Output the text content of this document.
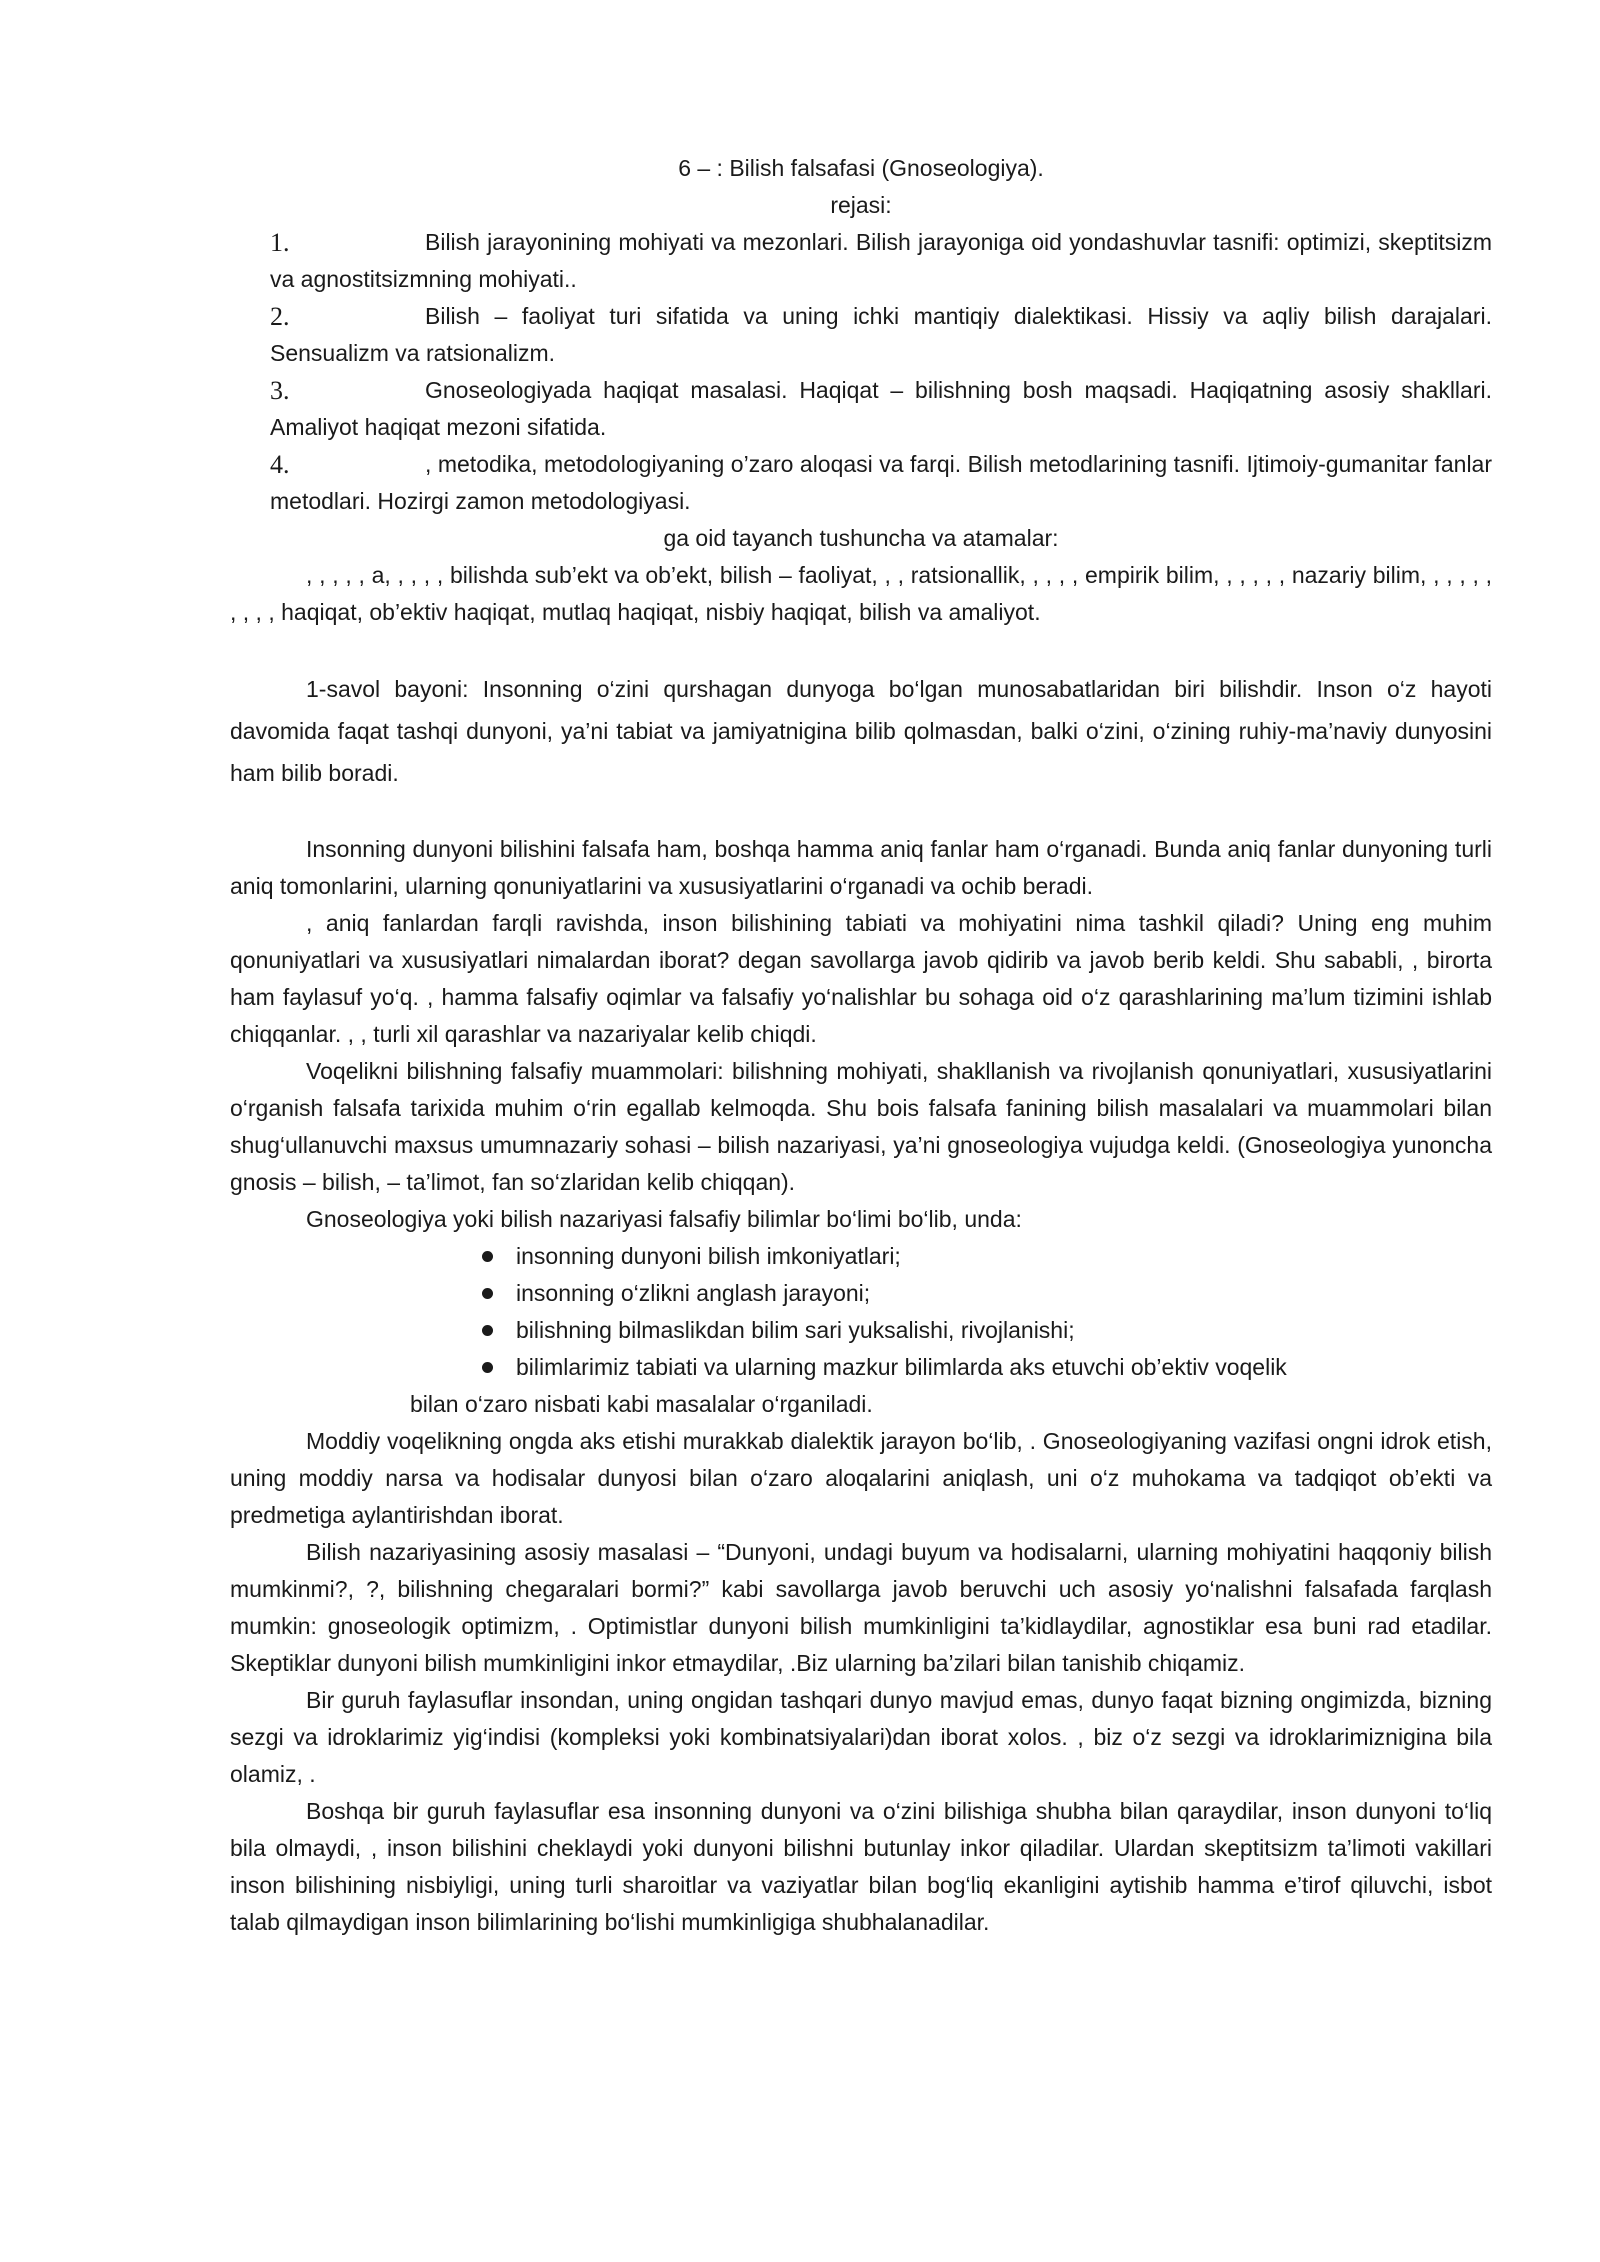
6 – : Bilish falsafasi (Gnoseologiya).
rejasi:
1.	Bilish jarayonining mohiyati va mezonlari. Bilish jarayoniga oid yondashuvlar tasnifi: optimizi, skeptitsizm va agnostitsizmning mohiyati..
2.	Bilish – faoliyat turi sifatida va uning ichki mantiqiy dialektikasi. Hissiy va aqliy bilish darajalari. Sensualizm va ratsionalizm.
3.	Gnoseologiyada haqiqat masalasi. Haqiqat – bilishning bosh maqsadi. Haqiqatning asosiy shakllari. Amaliyot haqiqat mezoni sifatida.
4.	, metodika, metodologiyaning o’zaro aloqasi va farqi. Bilish metodlarining tasnifi. Ijtimoiy-gumanitar fanlar metodlari. Hozirgi zamon metodologiyasi.
ga oid tayanch tushuncha va atamalar:

, , , , , a, , , , , bilishda sub’ekt va ob’ekt, bilish – faoliyat, , , ratsionallik, , , , , empirik bilim, , , , , , nazariy bilim, , , , , , , , , , haqiqat, ob’ektiv haqiqat, mutlaq haqiqat, nisbiy haqiqat, bilish va amaliyot.

1-savol bayoni: Insonning o‘zini qurshagan dunyoga bo‘lgan munosabatlaridan biri bilishdir. Inson o‘z hayoti davomida faqat tashqi dunyoni, ya’ni tabiat va jamiyatnigina bilib qolmasdan, balki o‘zini, o‘zining ruhiy-ma’naviy dunyosini ham bilib boradi.

Insonning dunyoni bilishini falsafa ham, boshqa hamma aniq fanlar ham o‘rganadi. Bunda aniq fanlar dunyoning turli aniq tomonlarini, ularning qonuniyatlarini va xususiyatlarini o‘rganadi va ochib beradi.

, aniq fanlardan farqli ravishda, inson bilishining tabiati va mohiyatini nima tashkil qiladi? Uning eng muhim qonuniyatlari va xususiyatlari nimalardan iborat? degan savollarga javob qidirib va javob berib keldi. Shu sababli, , birorta ham faylasuf yo‘q. , hamma falsafiy oqimlar va falsafiy yo‘nalishlar bu sohaga oid o‘z qarashlarining ma’lum tizimini ishlab chiqqanlar. , , turli xil qarashlar va nazariyalar kelib chiqdi.

Voqelikni bilishning falsafiy muammolari: bilishning mohiyati, shakllanish va rivojlanish qonuniyatlari, xususiyatlarini o‘rganish falsafa tarixida muhim o‘rin egallab kelmoqda. Shu bois falsafa fanining bilish masalalari va muammolari bilan shug‘ullanuvchi maxsus umumnazariy sohasi – bilish nazariyasi, ya’ni gnoseologiya vujudga keldi. (Gnoseologiya yunoncha gnosis – bilish, – ta’limot, fan so‘zlaridan kelib chiqqan).

Gnoseologiya yoki bilish nazariyasi falsafiy bilimlar bo‘limi bo‘lib, unda:

insonning dunyoni bilish imkoniyatlari;
insonning o‘zlikni anglash jarayoni;
bilishning bilmaslikdan bilim sari yuksalishi, rivojlanishi;
bilimlarimiz tabiati va ularning mazkur bilimlarda aks etuvchi ob’ektiv voqelik

bilan o‘zaro nisbati kabi masalalar o‘rganiladi.

Moddiy voqelikning ongda aks etishi murakkab dialektik jarayon bo‘lib, . Gnoseologiyaning vazifasi ongni idrok etish, uning moddiy narsa va hodisalar dunyosi bilan o‘zaro aloqalarini aniqlash, uni o‘z muhokama va tadqiqot ob’ekti va predmetiga aylantirishdan iborat.

Bilish nazariyasining asosiy masalasi – “Dunyoni, undagi buyum va hodisalarni, ularning mohiyatini haqqoniy bilish mumkinmi?, ?, bilishning chegaralari bormi?” kabi savollarga javob beruvchi uch asosiy yo‘nalishni falsafada farqlash mumkin: gnoseologik optimizm, . Optimistlar dunyoni bilish mumkinligini ta’kidlaydilar, agnostiklar esa buni rad etadilar. Skeptiklar dunyoni bilish mumkinligini inkor etmaydilar, .Biz ularning ba’zilari bilan tanishib chiqamiz.

Bir guruh faylasuflar insondan, uning ongidan tashqari dunyo mavjud emas, dunyo faqat bizning ongimizda, bizning sezgi va idroklarimiz yig‘indisi (kompleksi yoki kombinatsiyalari)dan iborat xolos. , biz o‘z sezgi va idroklarimiznigina bila olamiz, .

Boshqa bir guruh faylasuflar esa insonning dunyoni va o‘zini bilishiga shubha bilan qaraydilar, inson dunyoni to‘liq bila olmaydi, , inson bilishini cheklaydi yoki dunyoni bilishni butunlay inkor qiladilar. Ulardan skeptitsizm ta’limoti vakillari inson bilishining nisbiyligi, uning turli sharoitlar va vaziyatlar bilan bog‘liq ekanligini aytishib hamma e’tirof qiluvchi, isbot talab qilmaydigan inson bilimlarining bo‘lishi mumkinligiga shubhalanadilar.
